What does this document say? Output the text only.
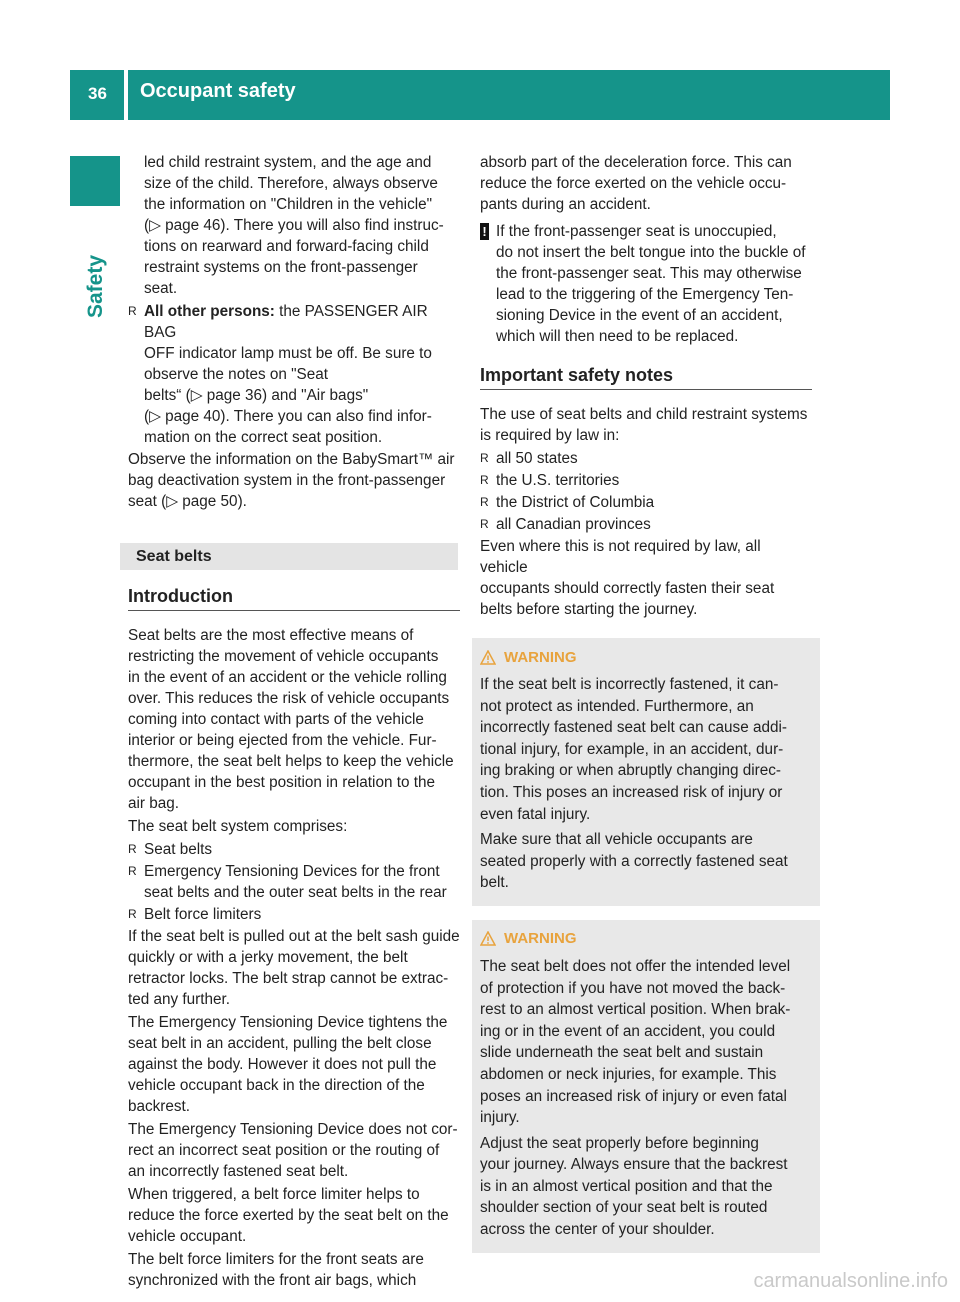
36 Occupant safety
Safety

led child restraint system, and the age and
size of the child. Therefore, always observe
the information on "Children in the vehicle"
(▷ page 46). There you will also find instruc-
tions on rearward and forward-facing child
restraint systems on the front-passenger
seat.

R All other persons: the PASSENGER AIR BAG
OFF indicator lamp must be off. Be sure to
observe the notes on "Seat
belts“ (▷ page 36) and "Air bags"
(▷ page 40). There you can also find infor-
mation on the correct seat position.

Observe the information on the BabySmart™ air
bag deactivation system in the front-passenger
seat (▷ page 50).

Seat belts
Introduction

Seat belts are the most effective means of
restricting the movement of vehicle occupants
in the event of an accident or the vehicle rolling
over. This reduces the risk of vehicle occupants
coming into contact with parts of the vehicle
interior or being ejected from the vehicle. Fur-
thermore, the seat belt helps to keep the vehicle
occupant in the best position in relation to the
air bag.

The seat belt system comprises:

R Seat belts
R Emergency Tensioning Devices for the front
seat belts and the outer seat belts in the rear
R Belt force limiters

If the seat belt is pulled out at the belt sash guide
quickly or with a jerky movement, the belt
retractor locks. The belt strap cannot be extrac-
ted any further.

The Emergency Tensioning Device tightens the
seat belt in an accident, pulling the belt close
against the body. However it does not pull the
vehicle occupant back in the direction of the
backrest.

The Emergency Tensioning Device does not cor-
rect an incorrect seat position or the routing of
an incorrectly fastened seat belt.

When triggered, a belt force limiter helps to
reduce the force exerted by the seat belt on the
vehicle occupant.

The belt force limiters for the front seats are
synchronized with the front air bags, which

absorb part of the deceleration force. This can
reduce the force exerted on the vehicle occu-
pants during an accident.

! If the front-passenger seat is unoccupied,
do not insert the belt tongue into the buckle of
the front-passenger seat. This may otherwise
lead to the triggering of the Emergency Ten-
sioning Device in the event of an accident,
which will then need to be replaced.
Important safety notes

The use of seat belts and child restraint systems
is required by law in:

R all 50 states
R the U.S. territories
R the District of Columbia
R all Canadian provinces

Even where this is not required by law, all vehicle
occupants should correctly fasten their seat
belts before starting the journey.

WARNING

If the seat belt is incorrectly fastened, it can-
not protect as intended. Furthermore, an
incorrectly fastened seat belt can cause addi-
tional injury, for example, in an accident, dur-
ing braking or when abruptly changing direc-
tion. This poses an increased risk of injury or
even fatal injury.

Make sure that all vehicle occupants are
seated properly with a correctly fastened seat
belt.

WARNING

The seat belt does not offer the intended level
of protection if you have not moved the back-
rest to an almost vertical position. When brak-
ing or in the event of an accident, you could
slide underneath the seat belt and sustain
abdomen or neck injuries, for example. This
poses an increased risk of injury or even fatal
injury.

Adjust the seat properly before beginning
your journey. Always ensure that the backrest
is in an almost vertical position and that the
shoulder section of your seat belt is routed
across the center of your shoulder.

carmanualsonline.info
